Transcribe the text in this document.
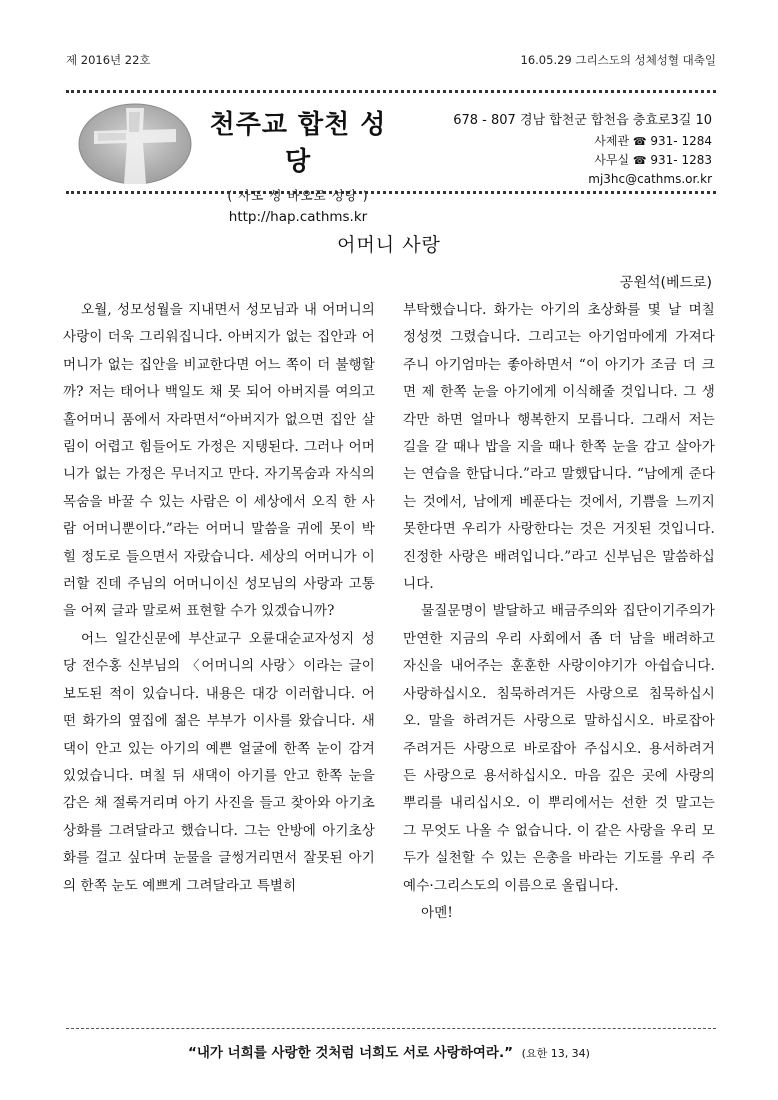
제 2016년 22호	16.05.29 그리스도의 성체성혈 대축일
천주교 합천 성당
( 사도 성 바오로 성당 )
http://hap.cathms.kr
678 - 807 경남 합천군 합천읍 충효로3길 10
사제관 ☎ 931- 1284
사무실 ☎ 931- 1283
mj3hc@cathms.or.kr
어머니 사랑
공원석(베드로)

오월, 성모성월을 지내면서 성모님과 내 어머니의 사랑이 더욱 그리워집니다. 아버지가 없는 집안과 어머니가 없는 집안을 비교한다면 어느 쪽이 더 불행할까? 저는 태어나 백일도 채 못 되어 아버지를 여의고 홀어머니 품에서 자라면서“아버지가 없으면 집안 살림이 어렵고 힘들어도 가정은 지탱된다. 그러나 어머니가 없는 가정은 무너지고 만다. 자기목숨과 자식의 목숨을 바꿀 수 있는 사람은 이 세상에서 오직 한 사람 어머니뿐이다.”라는 어머니 말씀을 귀에 못이 박힐 정도로 들으면서 자랐습니다. 세상의 어머니가 이러할 진데 주님의 어머니이신 성모님의 사랑과 고통을 어찌 글과 말로써 표현할 수가 있겠습니까?

어느 일간신문에 부산교구 오륜대순교자성지 성당 전수홍 신부님의 〈어머니의 사랑〉이라는 글이 보도된 적이 있습니다. 내용은 대강 이러합니다. 어떤 화가의 옆집에 젊은 부부가 이사를 왔습니다. 새댁이 안고 있는 아기의 예쁜 얼굴에 한쪽 눈이 감겨 있었습니다. 며칠 뒤 새댁이 아기를 안고 한쪽 눈을 감은 채 절룩거리며 아기 사진을 들고 찾아와 아기초상화를 그려달라고 했습니다. 그는 안방에 아기초상화를 걸고 싶다며 눈물을 글썽거리면서 잘못된 아기의 한쪽 눈도 예쁘게 그려달라고 특별히

부탁했습니다. 화가는 아기의 초상화를 몇 날 며칠 정성껏 그렸습니다. 그리고는 아기엄마에게 가져다주니 아기엄마는 좋아하면서 “이 아기가 조금 더 크면 제 한쪽 눈을 아기에게 이식해줄 것입니다. 그 생각만 하면 얼마나 행복한지 모릅니다. 그래서 저는 길을 갈 때나 밥을 지을 때나 한쪽 눈을 감고 살아가는 연습을 한답니다.”라고 말했답니다. “남에게 준다는 것에서, 남에게 베푼다는 것에서, 기쁨을 느끼지 못한다면 우리가 사랑한다는 것은 거짓된 것입니다. 진정한 사랑은 배려입니다.”라고 신부님은 말씀하십니다.

물질문명이 발달하고 배금주의와 집단이기주의가 만연한 지금의 우리 사회에서 좀 더 남을 배려하고 자신을 내어주는 훈훈한 사랑이야기가 아쉽습니다. 사랑하십시오. 침묵하려거든 사랑으로 침묵하십시오. 말을 하려거든 사랑으로 말하십시오. 바로잡아 주려거든 사랑으로 바로잡아 주십시오. 용서하려거든 사랑으로 용서하십시오. 마음 깊은 곳에 사랑의 뿌리를 내리십시오. 이 뿌리에서는 선한 것 말고는 그 무엇도 나올 수 없습니다. 이 같은 사랑을 우리 모두가 실천할 수 있는 은총을 바라는 기도를 우리 주 예수·그리스도의 이름으로 올립니다.

아멘!

“내가 너희를 사랑한 것처럼 너희도 서로 사랑하여라.” (요한 13, 34)
